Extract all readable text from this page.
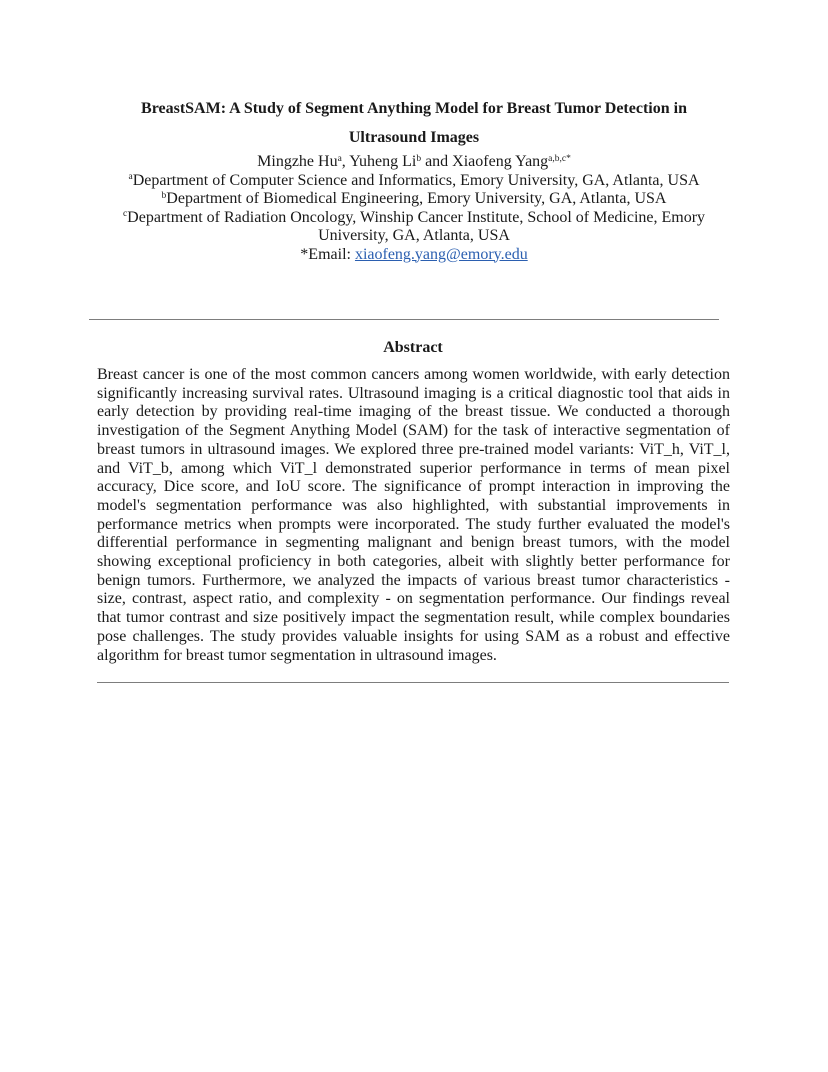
BreastSAM: A Study of Segment Anything Model for Breast Tumor Detection in
Ultrasound Images
Mingzhe Hu$^a$, Yuheng Li$^b$ and Xiaofeng Yang$^{a,b,c*}$
$^a$Department of Computer Science and Informatics, Emory University, GA, Atlanta, USA
$^b$Department of Biomedical Engineering, Emory University, GA, Atlanta, USA
$^c$Department of Radiation Oncology, Winship Cancer Institute, School of Medicine, Emory
University, GA, Atlanta, USA
*Email: xiaofeng.yang@emory.edu
Abstract

Breast cancer is one of the most common cancers among women worldwide, with early detection significantly increasing survival rates. Ultrasound imaging is a critical diagnostic tool that aids in early detection by providing real-time imaging of the breast tissue. We conducted a thorough investigation of the Segment Anything Model (SAM) for the task of interactive segmentation of breast tumors in ultrasound images. We explored three pre-trained model variants: ViT_h, ViT_l, and ViT_b, among which ViT_l demonstrated superior performance in terms of mean pixel accuracy, Dice score, and IoU score. The significance of prompt interaction in improving the model's segmentation performance was also highlighted, with substantial improvements in performance metrics when prompts were incorporated. The study further evaluated the model's differential performance in segmenting malignant and benign breast tumors, with the model showing exceptional proficiency in both categories, albeit with slightly better performance for benign tumors. Furthermore, we analyzed the impacts of various breast tumor characteristics - size, contrast, aspect ratio, and complexity - on segmentation performance. Our findings reveal that tumor contrast and size positively impact the segmentation result, while complex boundaries pose challenges. The study provides valuable insights for using SAM as a robust and effective algorithm for breast tumor segmentation in ultrasound images.
